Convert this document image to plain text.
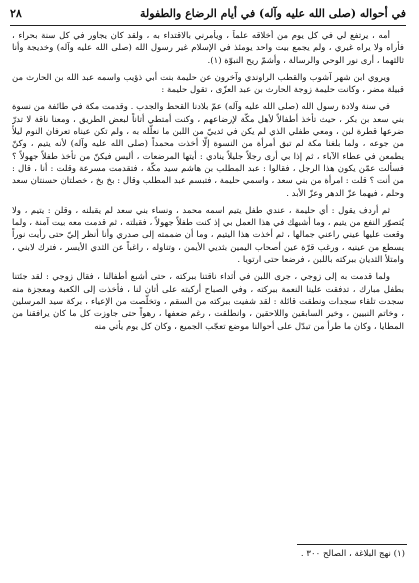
في أحواله (صلى الله عليه وآله) في أيام الرضاع والطفولة
٢٨

أمه ، يرتفع لي في كل يوم من أخلاقه علماً ، ويأمرني بالاقتداء به ، ولقد كان يجاور في كل سنة بحراء ، فأراه ولا يراه غيري ، ولم يجمع بيت واحد يومئذ في الإسلام غير رسول الله (صلى الله عليه وآله) وخديجة وأنا ثالثهما ، أرى نور الوحي والرسالة ، وأشمّ ريح النبوّة (١).

ويروي ابن شهر آشوب والقطب الراوندي وآخرون عن حليمة بنت أبي ذؤيب واسمه عبد الله بن الحارث من قبيلة مضر ، وكانت حليمة زوجة الحارث بن عبد العزّى ، تقول حليمة :

في سنة ولادة رسول الله (صلى الله عليه وآله) عمّ بلادنا القحط والجدب . وقدمت مكة في طائفة من نسوة بني سعد بن بكر ، حيث تأخذ أطفالاً لأهل مكّة لإرضاعهم ، وكنت أمتطي أتاناً لبعض الطريق ، ومعنا ناقة لا تدرّ ضرعها قطرة لبن ، ومعي طفلي الذي لم يكن في ثدييّ من اللبن ما نعلّله به ، ولم تكن عيناه تعرفان النوم ليلاً من جوعه ، ولما بلغنا مكة لم تبق أمرأة من النسوة إلّا أخذت محمداً (صلى الله عليه وآله) لأنه يتيم ، وكنّ يطمعن في عطاء الآباء ، ثم إذا بي أرى رجلاً جليلاً ينادي : أيتها المرضعات ، أليس فيكنّ من تأخذ طفلاً جهولاً ؟ فسألت عمّن يكون هذا الرجل ، فقالوا : عبد المطلب بن هاشم سيد مكّة ، فتقدمت مسرعة وقلت : أنا ، قال : من أنت ؟ قلت : امرأة من بني سعد ، واسمي حليمة ، فتبسم عبد المطلب وقال : بخ بخ ، خصلتان حسنتان سعد وحلم ، فيهما عزّ الدهر وعزّ الأبد .

ثم أردف يقول : أي حليمة ، عندي طفل يتيم اسمه محمد ، ونساء بني سعد لم يقبلنه ، وقلن : يتيم ، ولا يُتصوّر النفع من يتيم ، وما أشبهك في هذا العمل بي إذ كنت طفلاً جهولاً ، فقبلته ، ثم قدمت معه بيت آمنة ، ولما وقعت عليها عيني راعني جمالها ، ثم أخذت هذا اليتيم ، وما أن ضممته إلى صدري وأنا أنظر إليّ حتى رأيت نوراً يسطع من عينيه ، ورغب قرّة عين أصحاب اليمين بثديي الأيمن ، وتناوله ، راغباً عن الثدي الأيسر ، فترك لابني ، وامتلأ الثديان ببركته باللبن ، فرضعا حتى ارتويا .

ولما قدمت به إلى زوجي ، جرى اللبن في أثداء ناقتنا ببركته ، حتى أشبع أطفالنا ، فقال زوجي : لقد جئتنا بطفل مبارك ، تدفقت علينا النعمة ببركته ، وفي الصباح أركبته على أتان لنا ، فأخذت إلى الكعبة ومعجزة منه سجدت تلقاء سجدات ونطقت قائلة : لقد شفيت ببركته من السقم ، وتخلّصت من الإعياء ، بركة سيد المرسلين ، وخاتم النبيين ، وخير السابقين واللاحقين ، وانطلقت ، رغم ضعفها ، رهواً حتى جاوزت كل ما كان يرافقنا من المطايا ، وكان ما طرأ من تبدّل على أحوالنا موضع تعجّب الجميع ، وكان كل يوم يأتي منه

(١) نهج البلاغة ، الصالح ٣٠٠ .
